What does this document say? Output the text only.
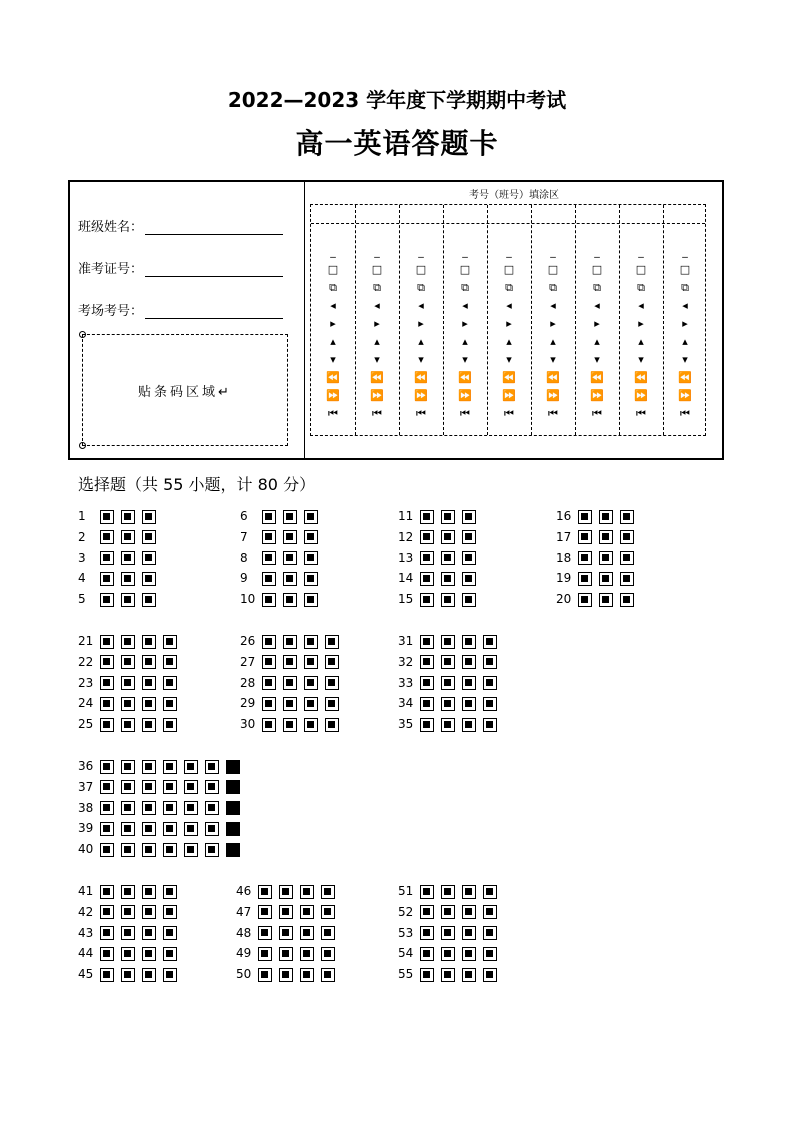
2022—2023 学年度下学期期中考试
高一英语答题卡
班级姓名：
准考证号：
考场考号：
贴条码区域↵
考号（班号）填涂区
_
□
⧉
◂
▸
▴
▾
⏪
⏩
⏮
_
□
⧉
◂
▸
▴
▾
⏪
⏩
⏮
_
□
⧉
◂
▸
▴
▾
⏪
⏩
⏮
_
□
⧉
◂
▸
▴
▾
⏪
⏩
⏮
_
□
⧉
◂
▸
▴
▾
⏪
⏩
⏮
_
□
⧉
◂
▸
▴
▾
⏪
⏩
⏮
_
□
⧉
◂
▸
▴
▾
⏪
⏩
⏮
_
□
⧉
◂
▸
▴
▾
⏪
⏩
⏮
_
□
⧉
◂
▸
▴
▾
⏪
⏩
⏮
选择题（共 55 小题，计 80 分）
1
2
3
4
5
6
7
8
9
10
11
12
13
14
15
16
17
18
19
20
21
22
23
24
25
26
27
28
29
30
31
32
33
34
35
36
37
38
39
40
41
42
43
44
45
46
47
48
49
50
51
52
53
54
55
